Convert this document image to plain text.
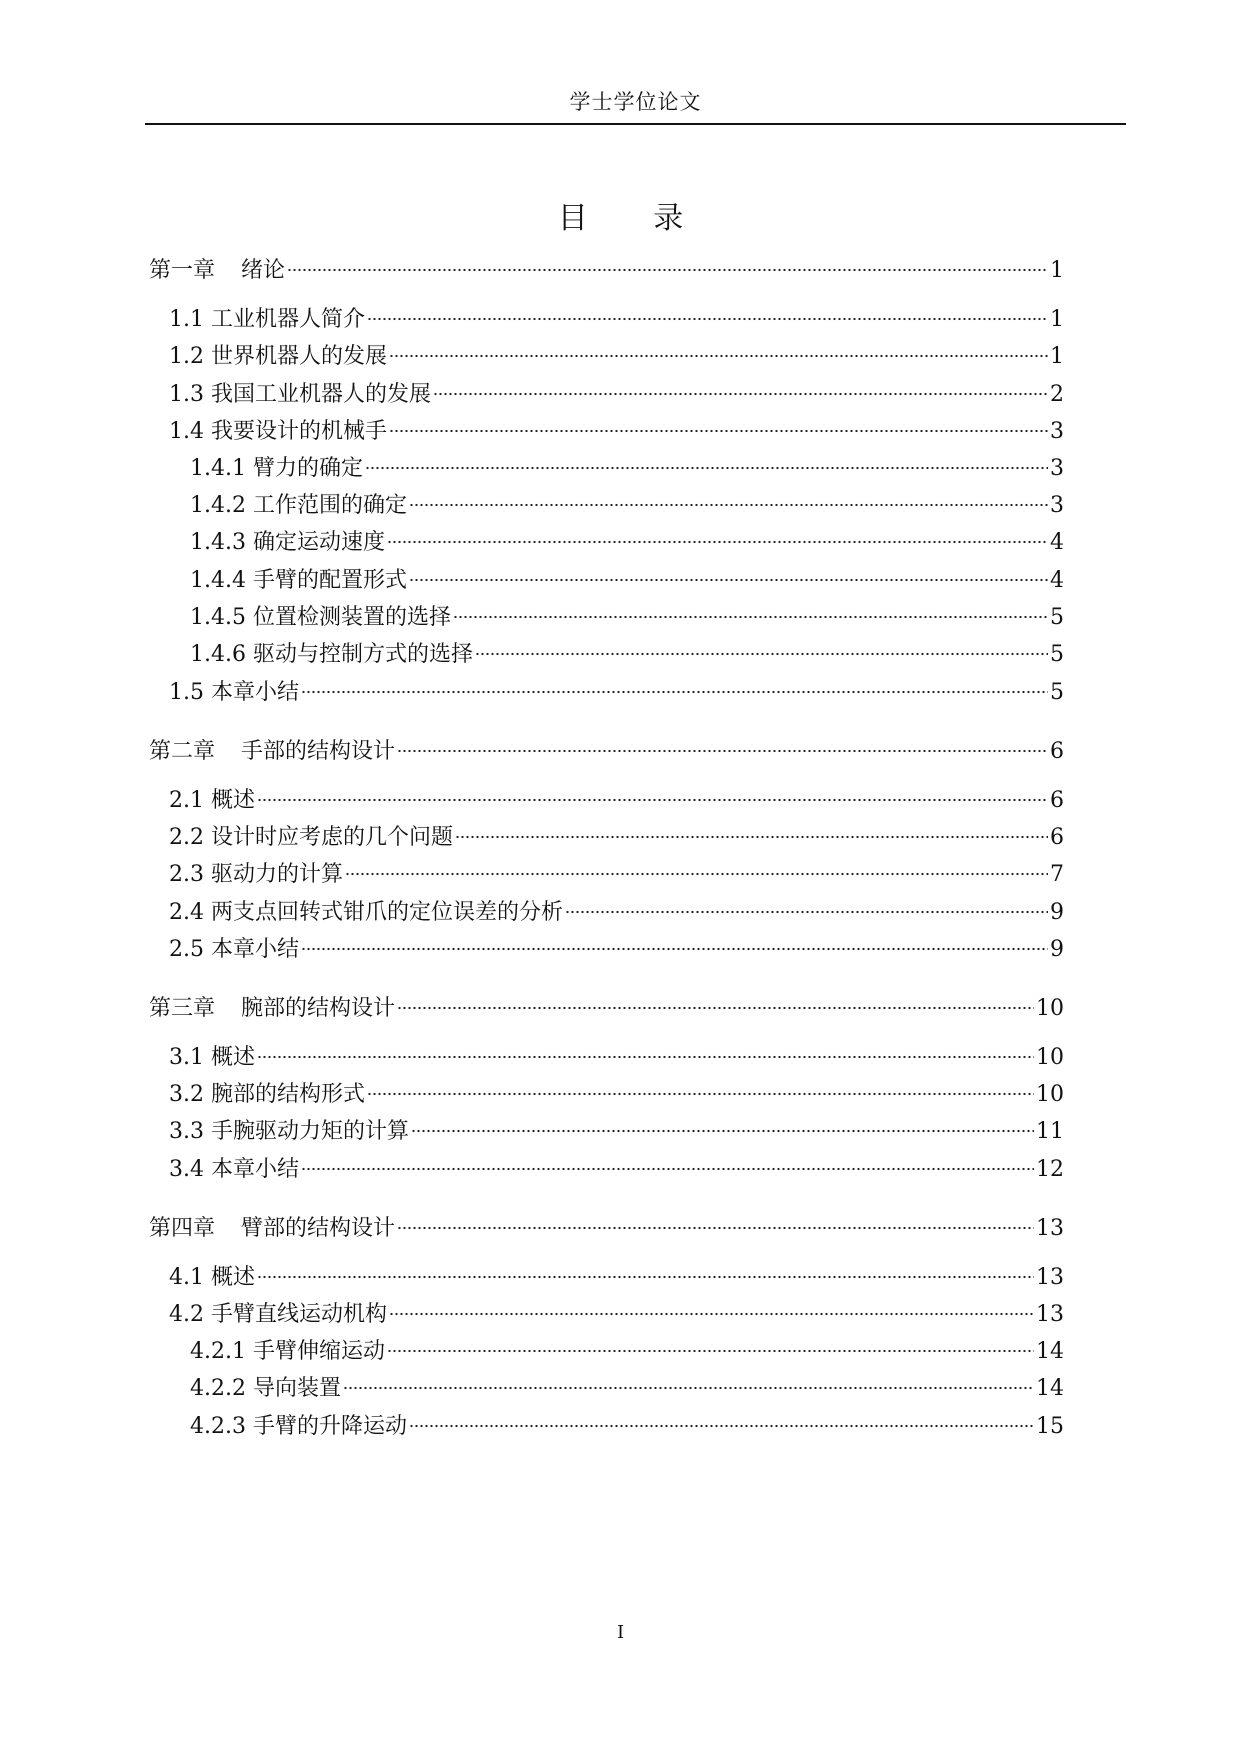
学士学位论文
目 录
第一章 绪论	1
1.1 工业机器人简介	1
1.2 世界机器人的发展	1
1.3 我国工业机器人的发展	2
1.4 我要设计的机械手	3
1.4.1 臂力的确定	3
1.4.2 工作范围的确定	3
1.4.3 确定运动速度	4
1.4.4 手臂的配置形式	4
1.4.5 位置检测装置的选择	5
1.4.6 驱动与控制方式的选择	5
1.5 本章小结	5
第二章 手部的结构设计	6
2.1 概述	6
2.2 设计时应考虑的几个问题	6
2.3 驱动力的计算	7
2.4 两支点回转式钳爪的定位误差的分析	9
2.5 本章小结	9
第三章 腕部的结构设计	10
3.1 概述	10
3.2 腕部的结构形式	10
3.3 手腕驱动力矩的计算	11
3.4 本章小结	12
第四章 臂部的结构设计	13
4.1 概述	13
4.2 手臂直线运动机构	13
4.2.1 手臂伸缩运动	14
4.2.2 导向装置	14
4.2.3 手臂的升降运动	15
I
